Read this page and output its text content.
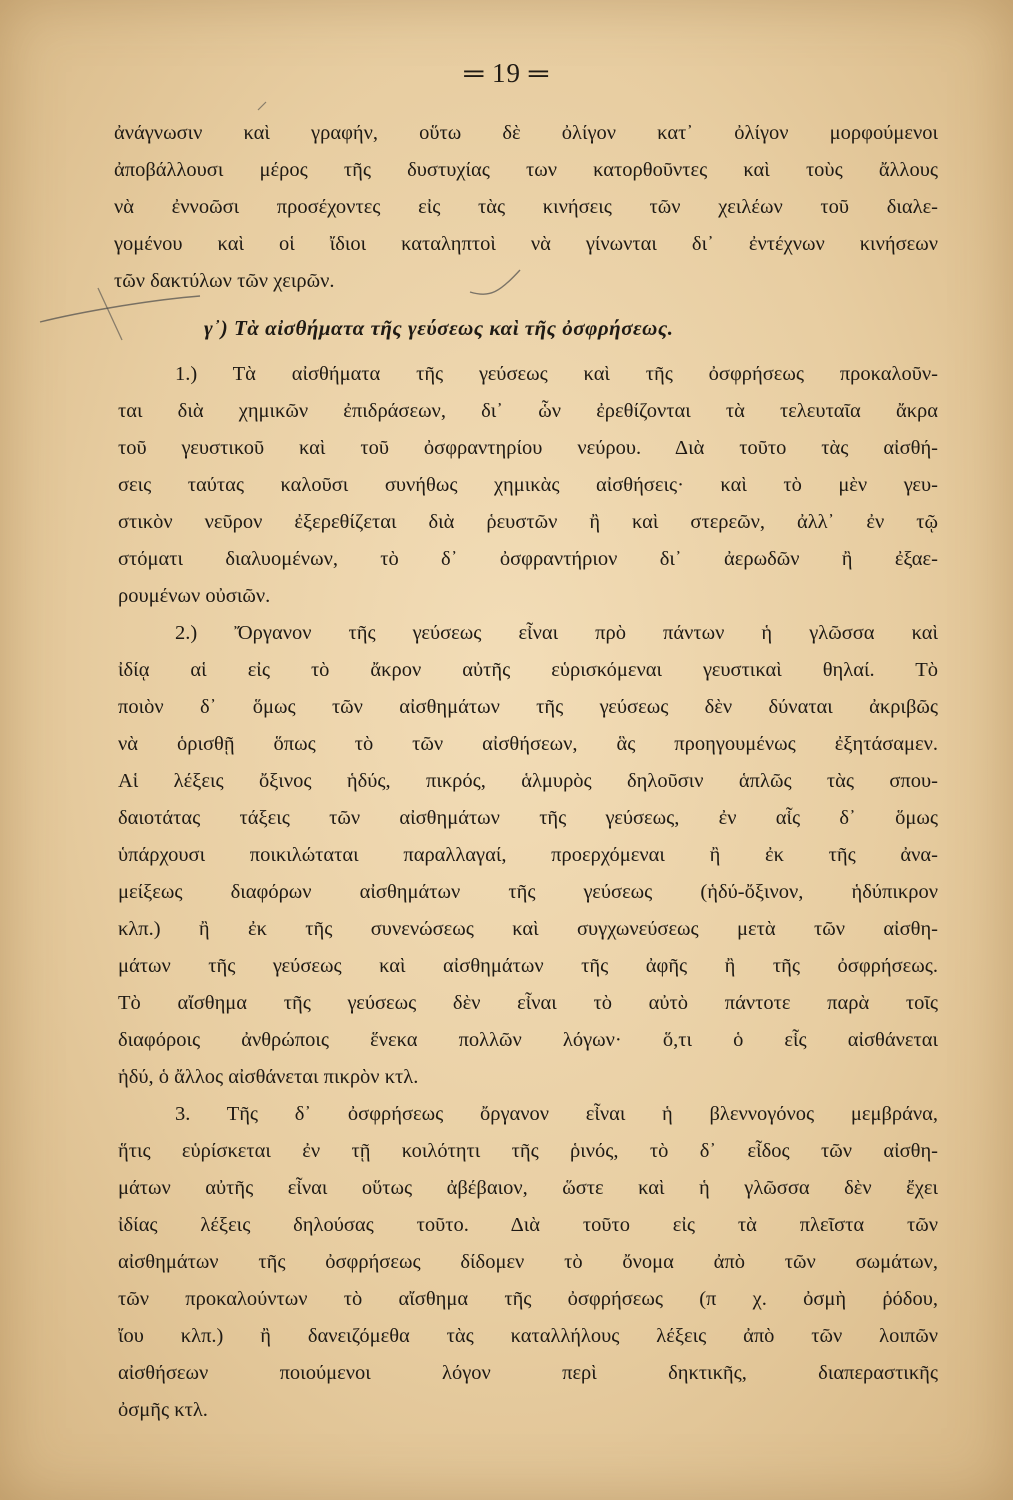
═ 19 ═
ἀνάγνωσιν καὶ γραφήν, οὕτω δὲ ὀλίγον κατ᾽ ὀλίγον μορφούμενοι
ἀποβάλλουσι μέρος τῆς δυστυχίας των κατορθοῦντες καὶ τοὺς ἄλλους
νὰ ἐννοῶσι προσέχοντες εἰς τὰς κινήσεις τῶν χειλέων τοῦ διαλε-
γομένου καὶ οἱ ἴδιοι καταληπτοὶ νὰ γίνωνται δι᾽ ἐντέχνων κινήσεων
τῶν δακτύλων τῶν χειρῶν.
γ᾽) Τὰ αἰσθήματα τῆς γεύσεως καὶ τῆς ὀσφρήσεως.
1.) Τὰ αἰσθήματα τῆς γεύσεως καὶ τῆς ὀσφρήσεως προκαλοῦν-
ται διὰ χημικῶν ἐπιδράσεων, δι᾽ ὧν ἐρεθίζονται τὰ τελευταῖα ἄκρα
τοῦ γευστικοῦ καὶ τοῦ ὀσφραντηρίου νεύρου. Διὰ τοῦτο τὰς αἰσθή-
σεις ταύτας καλοῦσι συνήθως χημικὰς αἰσθήσεις· καὶ τὸ μὲν γευ-
στικὸν νεῦρον ἐξερεθίζεται διὰ ῥευστῶν ἢ καὶ στερεῶν, ἀλλ᾽ ἐν τῷ
στόματι διαλυομένων, τὸ δ᾽ ὀσφραντήριον δι᾽ ἀερωδῶν ἢ ἐξαε-
ρουμένων οὐσιῶν.
2.) Ὄργανον τῆς γεύσεως εἶναι πρὸ πάντων ἡ γλῶσσα καὶ
ἰδίᾳ αἱ εἰς τὸ ἄκρον αὐτῆς εὑρισκόμεναι γευστικαὶ θηλαί. Τὸ
ποιὸν δ᾽ ὅμως τῶν αἰσθημάτων τῆς γεύσεως δὲν δύναται ἀκριβῶς
νὰ ὁρισθῇ ὅπως τὸ τῶν αἰσθήσεων, ἃς προηγουμένως ἐξητάσαμεν.
Αἱ λέξεις ὄξινος ἡδύς, πικρός, ἁλμυρὸς δηλοῦσιν ἁπλῶς τὰς σπου-
δαιοτάτας τάξεις τῶν αἰσθημάτων τῆς γεύσεως, ἐν αἷς δ᾽ ὅμως
ὑπάρχουσι ποικιλώταται παραλλαγαί, προερχόμεναι ἢ ἐκ τῆς ἀνα-
μείξεως διαφόρων αἰσθημάτων τῆς γεύσεως (ἡδύ-ὄξινον, ἡδύπικρον
κλπ.) ἢ ἐκ τῆς συνενώσεως καὶ συγχωνεύσεως μετὰ τῶν αἰσθη-
μάτων τῆς γεύσεως καὶ αἰσθημάτων τῆς ἀφῆς ἢ τῆς ὀσφρήσεως.
Τὸ αἴσθημα τῆς γεύσεως δὲν εἶναι τὸ αὐτὸ πάντοτε παρὰ τοῖς
διαφόροις ἀνθρώποις ἕνεκα πολλῶν λόγων· ὅ,τι ὁ εἷς αἰσθάνεται
ἡδύ, ὁ ἄλλος αἰσθάνεται πικρὸν κτλ.
3. Τῆς δ᾽ ὀσφρήσεως ὄργανον εἶναι ἡ βλεννογόνος μεμβράνα,
ἥτις εὑρίσκεται ἐν τῇ κοιλότητι τῆς ῥινός, τὸ δ᾽ εἶδος τῶν αἰσθη-
μάτων αὐτῆς εἶναι οὕτως ἀβέβαιον, ὥστε καὶ ἡ γλῶσσα δὲν ἔχει
ἰδίας λέξεις δηλούσας τοῦτο. Διὰ τοῦτο εἰς τὰ πλεῖστα τῶν
αἰσθημάτων τῆς ὀσφρήσεως δίδομεν τὸ ὄνομα ἀπὸ τῶν σωμάτων,
τῶν προκαλούντων τὸ αἴσθημα τῆς ὀσφρήσεως (π χ. ὀσμὴ ῥόδου,
ἴου κλπ.) ἢ δανειζόμεθα τὰς καταλλήλους λέξεις ἀπὸ τῶν λοιπῶν
αἰσθήσεων ποιούμενοι λόγον περὶ δηκτικῆς, διαπεραστικῆς
ὀσμῆς κτλ.
